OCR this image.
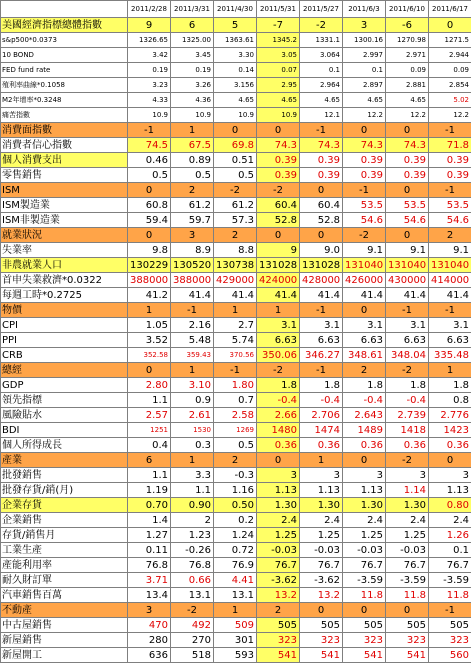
	2011/2/28	2011/3/31	2011/4/30	2011/5/31	2011/5/27	2011/6/3	2011/6/10	2011/6/17
美國經濟指標總體指數	9	6	5	-7	-2	3	-6	0
s&p500*0.0373	1326.65	1325.00	1363.61	1345.2	1331.1	1300.16	1270.98	1271.5
10 BOND	3.42	3.45	3.30	3.05	3.064	2.997	2.971	2.944
FED fund rate	0.19	0.19	0.14	0.07	0.1	0.1	0.09	0.09
殖利率曲線*0.1058	3.23	3.26	3.156	2.95	2.964	2.897	2.881	2.854
M2年增率*0.3248	4.33	4.36	4.65	4.65	4.65	4.65	4.65	5.02
痛苦指數	10.9	10.9	10.9	10.9	12.1	12.2	12.2	12.2
消費面指數	-1	1	0	0	-1	0	0	-1
消費者信心指數	74.5	67.5	69.8	74.3	74.3	74.3	74.3	71.8
個人消費支出	0.46	0.89	0.51	0.39	0.39	0.39	0.39	0.39
零售銷售	0.5	0.5	0.5	0.39	0.39	0.39	0.39	0.39
ISM	0	2	-2	-2	0	-1	0	-1
ISM製造業	60.8	61.2	61.2	60.4	60.4	53.5	53.5	53.5
ISM非製造業	59.4	59.7	57.3	52.8	52.8	54.6	54.6	54.6
就業狀況	0	3	2	0	0	-2	0	2
失業率	9.8	8.9	8.8	9	9.0	9.1	9.1	9.1
非農就業人口	130229	130520	130738	131028	131028	131040	131040	131040
首申失業救濟*0.0322	388000	388000	429000	424000	428000	426000	430000	414000
每週工時*0.2725	41.2	41.4	41.4	41.4	41.4	41.4	41.4	41.4
物價	1	-1	1	1	-1	0	-1	-1
CPI	1.05	2.16	2.7	3.1	3.1	3.1	3.1	3.1
PPI	3.52	5.48	5.74	6.63	6.63	6.63	6.63	6.63
CRB	352.58	359.43	370.56	350.06	346.27	348.61	348.04	335.48
總經	0	1	-1	-2	-1	2	-2	1
GDP	2.80	3.10	1.80	1.8	1.8	1.8	1.8	1.8
領先指標	1.1	0.9	0.7	-0.4	-0.4	-0.4	-0.4	0.8
風險貼水	2.57	2.61	2.58	2.66	2.706	2.643	2.739	2.776
BDI	1251	1530	1269	1480	1474	1489	1418	1423
個人所得成長	0.4	0.3	0.5	0.36	0.36	0.36	0.36	0.36
產業	6	1	2	0	1	0	-2	0
批發銷售	1.1	3.3	-0.3	3	3	3	3	3
批發存貨/銷(月)	1.19	1.1	1.16	1.13	1.13	1.13	1.14	1.13
企業存貨	0.70	0.90	0.50	1.30	1.30	1.30	1.30	0.80
企業銷售	1.4	2	0.2	2.4	2.4	2.4	2.4	2.4
存貨/銷售月	1.27	1.23	1.24	1.25	1.25	1.25	1.25	1.26
工業生產	0.11	-0.26	0.72	-0.03	-0.03	-0.03	-0.03	0.1
產能利用率	76.8	76.8	76.9	76.7	76.7	76.7	76.7	76.7
耐久財訂單	3.71	0.66	4.41	-3.62	-3.62	-3.59	-3.59	-3.59
汽車銷售百萬	13.4	13.1	13.1	13.2	13.2	11.8	11.8	11.8
不動產	3	-2	1	2	0	0	0	-1
中古屋銷售	470	492	509	505	505	505	505	505
新屋銷售	280	270	301	323	323	323	323	323
新屋開工	636	518	593	541	541	541	541	560
